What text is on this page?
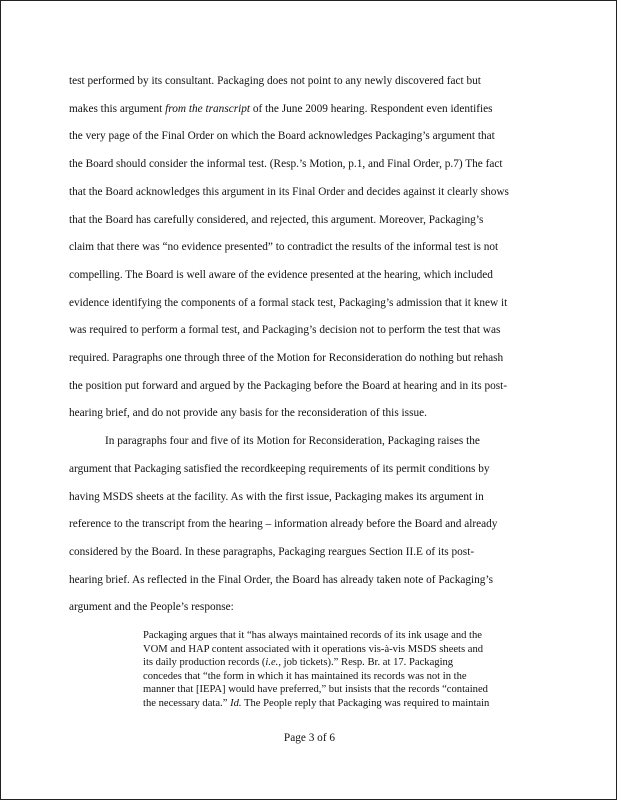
test performed by its consultant. Packaging does not point to any newly discovered fact but
makes this argument from the transcript of the June 2009 hearing. Respondent even identifies
the very page of the Final Order on which the Board acknowledges Packaging’s argument that
the Board should consider the informal test. (Resp.’s Motion, p.1, and Final Order, p.7) The fact
that the Board acknowledges this argument in its Final Order and decides against it clearly shows
that the Board has carefully considered, and rejected, this argument. Moreover, Packaging’s
claim that there was “no evidence presented” to contradict the results of the informal test is not
compelling. The Board is well aware of the evidence presented at the hearing, which included
evidence identifying the components of a formal stack test, Packaging’s admission that it knew it
was required to perform a formal test, and Packaging’s decision not to perform the test that was
required. Paragraphs one through three of the Motion for Reconsideration do nothing but rehash
the position put forward and argued by the Packaging before the Board at hearing and in its post-
hearing brief, and do not provide any basis for the reconsideration of this issue.
In paragraphs four and five of its Motion for Reconsideration, Packaging raises the
argument that Packaging satisfied the recordkeeping requirements of its permit conditions by
having MSDS sheets at the facility. As with the first issue, Packaging makes its argument in
reference to the transcript from the hearing – information already before the Board and already
considered by the Board. In these paragraphs, Packaging reargues Section II.E of its post-
hearing brief. As reflected in the Final Order, the Board has already taken note of Packaging’s
argument and the People’s response:
Packaging argues that it “has always maintained records of its ink usage and the
VOM and HAP content associated with it operations vis-à-vis MSDS sheets and
its daily production records (i.e., job tickets).” Resp. Br. at 17. Packaging
concedes that “the form in which it has maintained its records was not in the
manner that [IEPA] would have preferred,” but insists that the records “contained
the necessary data.” Id. The People reply that Packaging was required to maintain
Page 3 of 6
